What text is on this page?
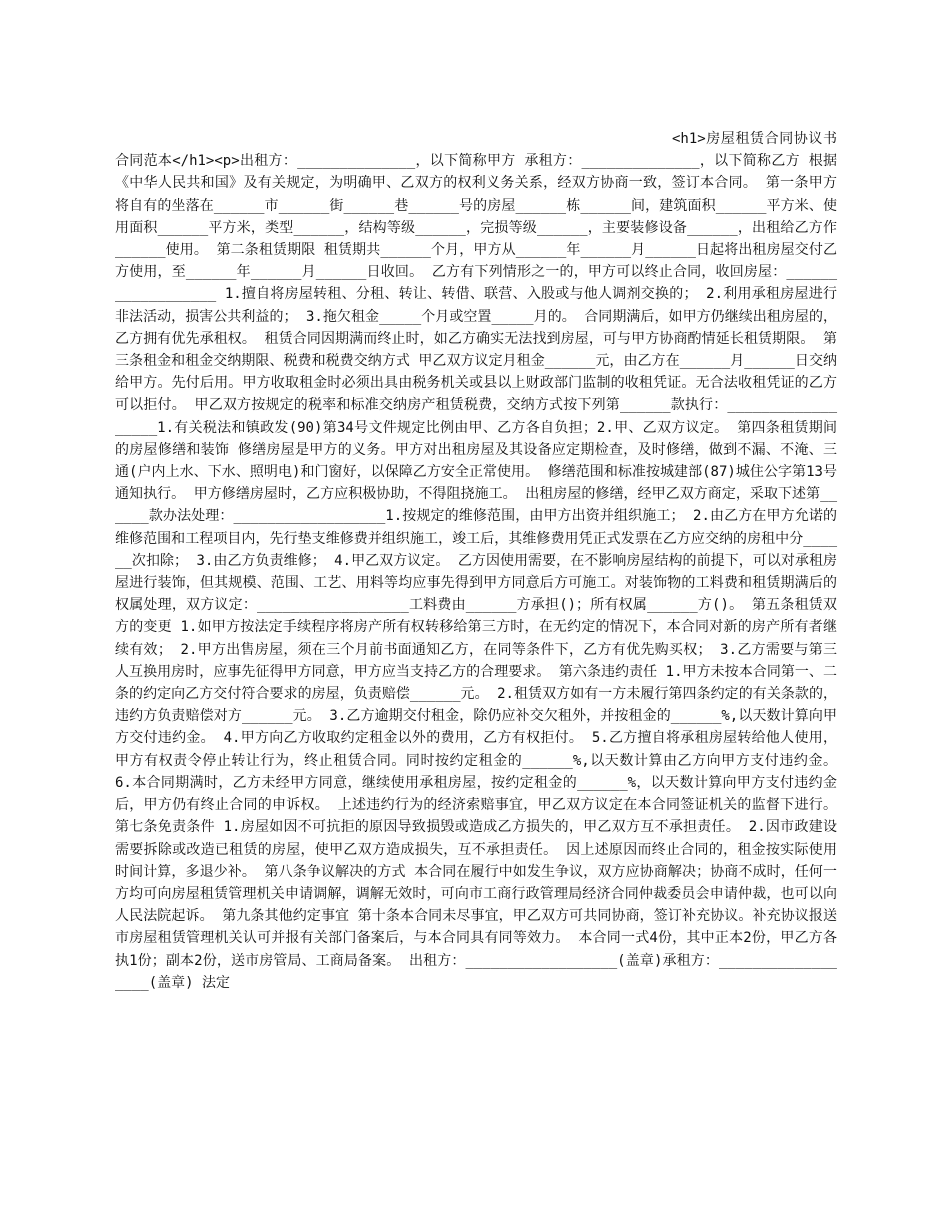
<h1>房屋租赁合同协议书合同范本</h1><p>出租方：______________，以下简称甲方 承租方：______________，以下简称乙方 根据《中华人民共和国》及有关规定，为明确甲、乙双方的权利义务关系，经双方协商一致，签订本合同。 第一条甲方将自有的坐落在______市______街______巷______号的房屋______栋______间，建筑面积______平方米、使用面积______平方米，类型______，结构等级______，完损等级______，主要装修设备______，出租给乙方作______使用。 第二条租赁期限 租赁期共______个月，甲方从______年______月______日起将出租房屋交付乙方使用，至______年______月______日收回。 乙方有下列情形之一的，甲方可以终止合同，收回房屋：__________________ 1.擅自将房屋转租、分租、转让、转借、联营、入股或与他人调剂交换的； 2.利用承租房屋进行非法活动，损害公共利益的； 3.拖欠租金_____个月或空置_____月的。 合同期满后，如甲方仍继续出租房屋的，乙方拥有优先承租权。 租赁合同因期满而终止时，如乙方确实无法找到房屋，可与甲方协商酌情延长租赁期限。 第三条租金和租金交纳期限、税费和税费交纳方式 甲乙双方议定月租金______元，由乙方在______月______日交纳给甲方。先付后用。甲方收取租金时必须出具由税务机关或县以上财政部门监制的收租凭证。无合法收租凭证的乙方可以拒付。 甲乙双方按规定的税率和标准交纳房产租赁税费，交纳方式按下列第______款执行：__________________1.有关税法和镇政发(90)第34号文件规定比例由甲、乙方各自负担；2.甲、乙双方议定。 第四条租赁期间的房屋修缮和装饰 修缮房屋是甲方的义务。甲方对出租房屋及其设备应定期检查，及时修缮，做到不漏、不淹、三通(户内上水、下水、照明电)和门窗好，以保障乙方安全正常使用。 修缮范围和标准按城建部(87)城住公字第13号通知执行。 甲方修缮房屋时，乙方应积极协助，不得阻挠施工。 出租房屋的修缮，经甲乙双方商定，采取下述第______款办法处理：__________________1.按规定的维修范围，由甲方出资并组织施工； 2.由乙方在甲方允诺的维修范围和工程项目内，先行垫支维修费并组织施工，竣工后，其维修费用凭正式发票在乙方应交纳的房租中分______次扣除； 3.由乙方负责维修； 4.甲乙双方议定。 乙方因使用需要，在不影响房屋结构的前提下，可以对承租房屋进行装饰，但其规模、范围、工艺、用料等均应事先得到甲方同意后方可施工。对装饰物的工料费和租赁期满后的权属处理，双方议定：__________________工料费由______方承担()；所有权属______方()。 第五条租赁双方的变更 1.如甲方按法定手续程序将房产所有权转移给第三方时，在无约定的情况下，本合同对新的房产所有者继续有效； 2.甲方出售房屋，须在三个月前书面通知乙方，在同等条件下，乙方有优先购买权； 3.乙方需要与第三人互换用房时，应事先征得甲方同意，甲方应当支持乙方的合理要求。 第六条违约责任 1.甲方未按本合同第一、二条的约定向乙方交付符合要求的房屋，负责赔偿______元。 2.租赁双方如有一方未履行第四条约定的有关条款的，违约方负责赔偿对方______元。 3.乙方逾期交付租金，除仍应补交欠租外，并按租金的______%,以天数计算向甲方交付违约金。 4.甲方向乙方收取约定租金以外的费用，乙方有权拒付。 5.乙方擅自将承租房屋转给他人使用，甲方有权责令停止转让行为，终止租赁合同。同时按约定租金的______%,以天数计算由乙方向甲方支付违约金。 6.本合同期满时，乙方未经甲方同意，继续使用承租房屋，按约定租金的______%，以天数计算向甲方支付违约金后，甲方仍有终止合同的申诉权。 上述违约行为的经济索赔事宜，甲乙双方议定在本合同签证机关的监督下进行。 第七条免责条件 1.房屋如因不可抗拒的原因导致损毁或造成乙方损失的，甲乙双方互不承担责任。 2.因市政建设需要拆除或改造已租赁的房屋，使甲乙双方造成损失，互不承担责任。 因上述原因而终止合同的，租金按实际使用时间计算，多退少补。 第八条争议解决的方式 本合同在履行中如发生争议，双方应协商解决；协商不成时，任何一方均可向房屋租赁管理机关申请调解，调解无效时，可向市工商行政管理局经济合同仲裁委员会申请仲裁，也可以向人民法院起诉。 第九条其他约定事宜 第十条本合同未尽事宜，甲乙双方可共同协商，签订补充协议。补充协议报送市房屋租赁管理机关认可并报有关部门备案后，与本合同具有同等效力。 本合同一式4份，其中正本2份，甲乙方各执1份；副本2份，送市房管局、工商局备案。 出租方：__________________(盖章)承租方：__________________(盖章) 法定
